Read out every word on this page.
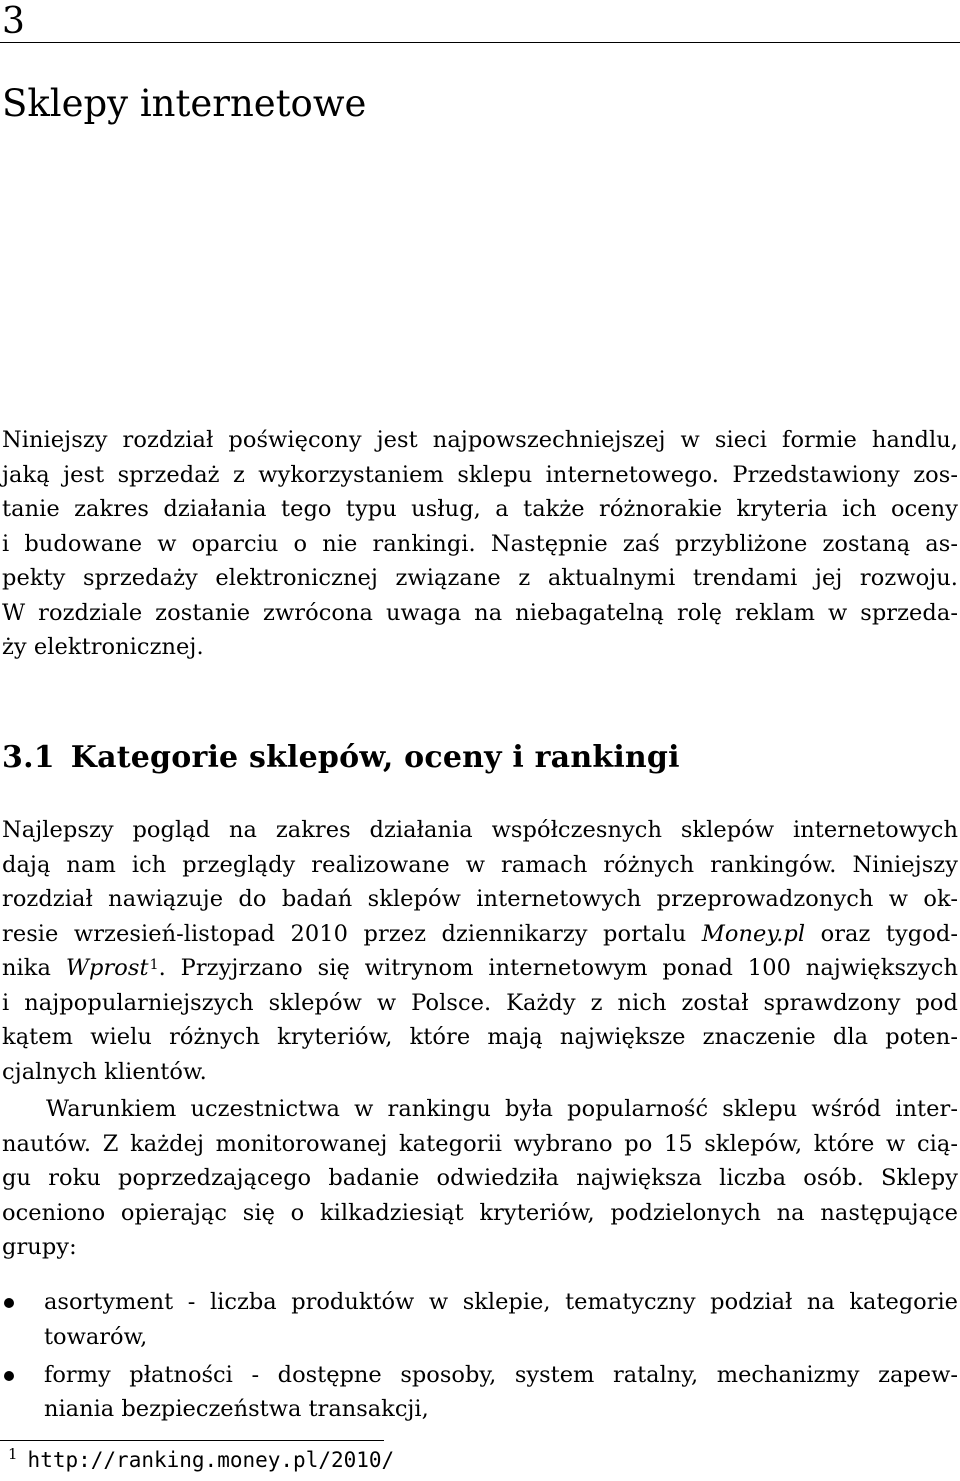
3
Sklepy internetowe
Niniejszy rozdział poświęcony jest najpowszechniejszej w sieci formie handlu,
jaką jest sprzedaż z wykorzystaniem sklepu internetowego. Przedstawiony zos-
tanie zakres działania tego typu usług, a także różnorakie kryteria ich oceny
i budowane w oparciu o nie rankingi. Następnie zaś przybliżone zostaną as-
pekty sprzedaży elektronicznej związane z aktualnymi trendami jej rozwoju.
W rozdziale zostanie zwrócona uwaga na niebagatelną rolę reklam w sprzeda-
ży elektronicznej.
3.1 Kategorie sklepów, oceny i rankingi
Najlepszy pogląd na zakres działania współczesnych sklepów internetowych
dają nam ich przeglądy realizowane w ramach różnych rankingów. Niniejszy
rozdział nawiązuje do badań sklepów internetowych przeprowadzonych w ok-
resie wrzesień-listopad 2010 przez dziennikarzy portalu Money.pl oraz tygod-
nika Wprost$^1$. Przyjrzano się witrynom internetowym ponad 100 największych
i najpopularniejszych sklepów w Polsce. Każdy z nich został sprawdzony pod
kątem wielu różnych kryteriów, które mają największe znaczenie dla poten-
cjalnych klientów.
Warunkiem uczestnictwa w rankingu była popularność sklepu wśród inter-
nautów. Z każdej monitorowanej kategorii wybrano po 15 sklepów, które w cią-
gu roku poprzedzającego badanie odwiedziła największa liczba osób. Sklepy
oceniono opierając się o kilkadziesiąt kryteriów, podzielonych na następujące
grupy:
asortyment - liczba produktów w sklepie, tematyczny podział na kategorie
towarów,
formy płatności - dostępne sposoby, system ratalny, mechanizmy zapew-
niania bezpieczeństwa transakcji,
$^1$ http://ranking.money.pl/2010/
